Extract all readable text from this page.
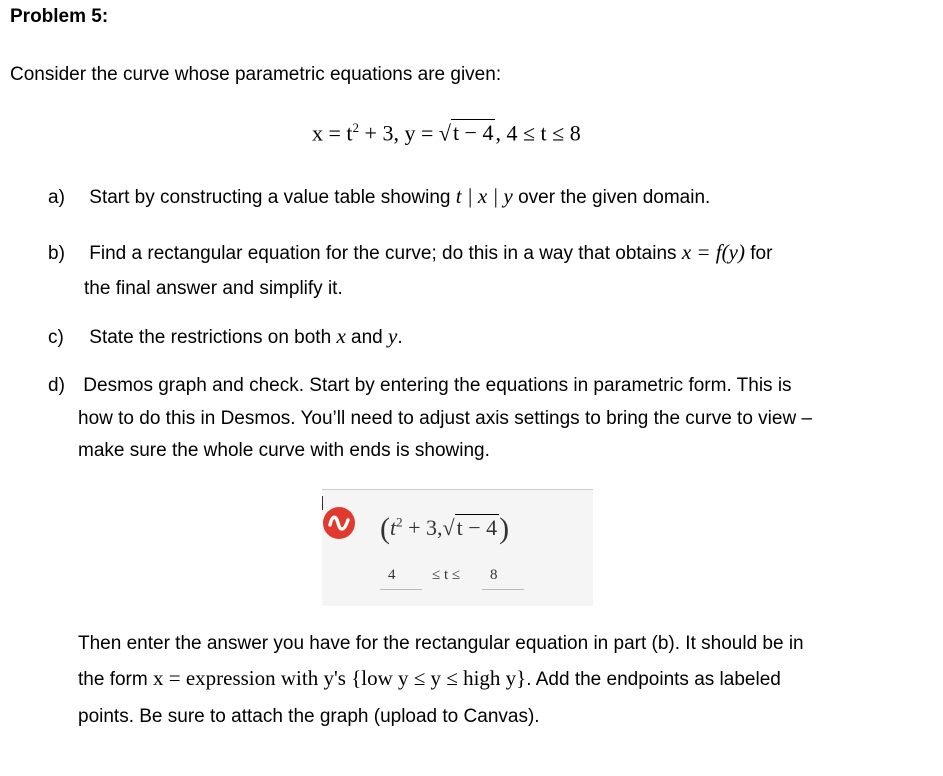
Problem 5:
Consider the curve whose parametric equations are given:
$x = t^2 + 3$, y = √t − 4, 4 ≤ t ≤ 8
a) Start by constructing a value table showing t | x | y over the given domain.
b) Find a rectangular equation for the curve; do this in a way that obtains x = f(y) for
the final answer and simplify it.
c) State the restrictions on both x and y.
d) Desmos graph and check. Start by entering the equations in parametric form. This is
how to do this in Desmos. You’ll need to adjust axis settings to bring the curve to view –
make sure the whole curve with ends is showing.
$(t^2 + 3,√t - 4)$
4 ≤ t ≤ 8
Then enter the answer you have for the rectangular equation in part (b). It should be in
the form x = expression with y's {low y ≤ y ≤ high y}. Add the endpoints as labeled
points. Be sure to attach the graph (upload to Canvas).
